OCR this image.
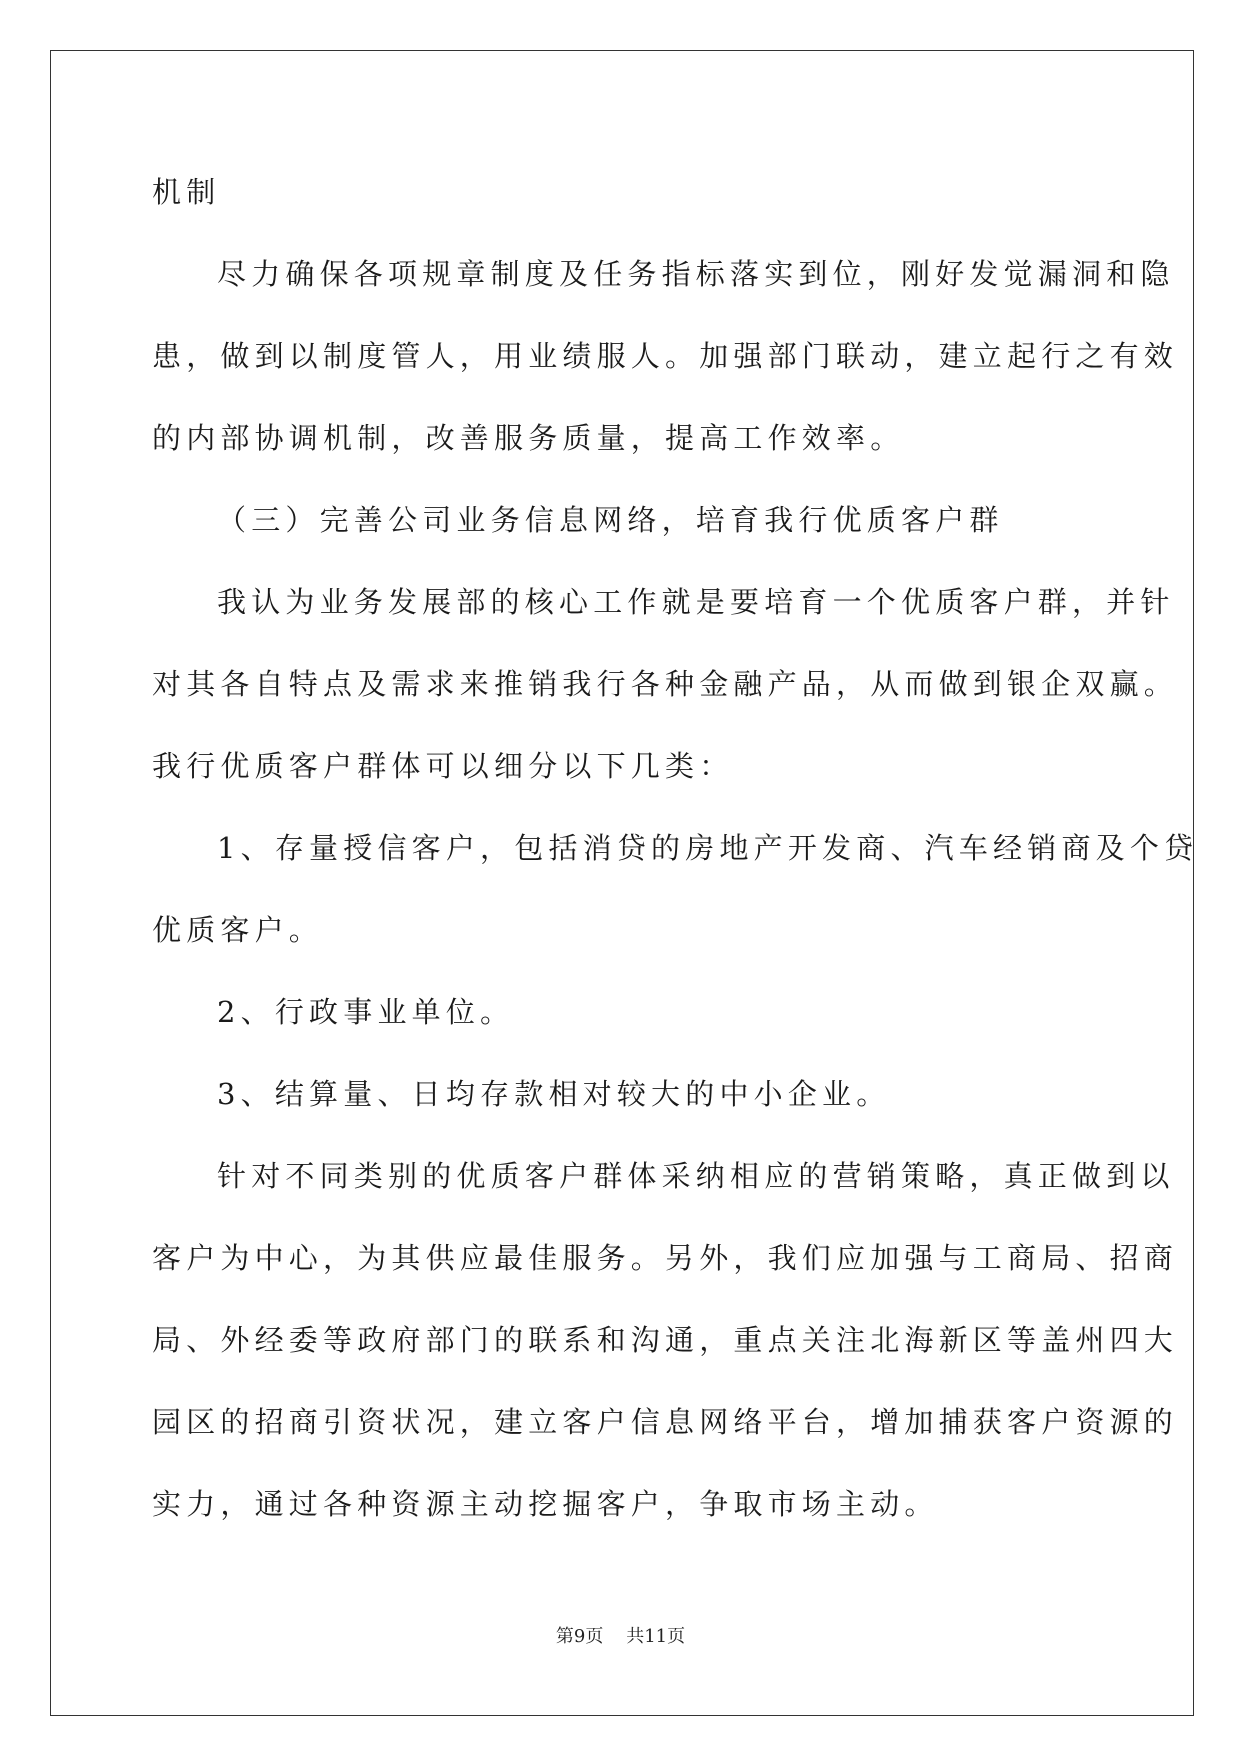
机制
尽力确保各项规章制度及任务指标落实到位，刚好发觉漏洞和隐
患，做到以制度管人，用业绩服人。加强部门联动，建立起行之有效
的内部协调机制，改善服务质量，提高工作效率。
（三）完善公司业务信息网络，培育我行优质客户群
我认为业务发展部的核心工作就是要培育一个优质客户群，并针
对其各自特点及需求来推销我行各种金融产品，从而做到银企双赢。
我行优质客户群体可以细分以下几类：
1、存量授信客户，包括消贷的房地产开发商、汽车经销商及个贷
优质客户。
2、行政事业单位。
3、结算量、日均存款相对较大的中小企业。
针对不同类别的优质客户群体采纳相应的营销策略，真正做到以
客户为中心，为其供应最佳服务。另外，我们应加强与工商局、招商
局、外经委等政府部门的联系和沟通，重点关注北海新区等盖州四大
园区的招商引资状况，建立客户信息网络平台，增加捕获客户资源的
实力，通过各种资源主动挖掘客户，争取市场主动。
第9页 共11页
